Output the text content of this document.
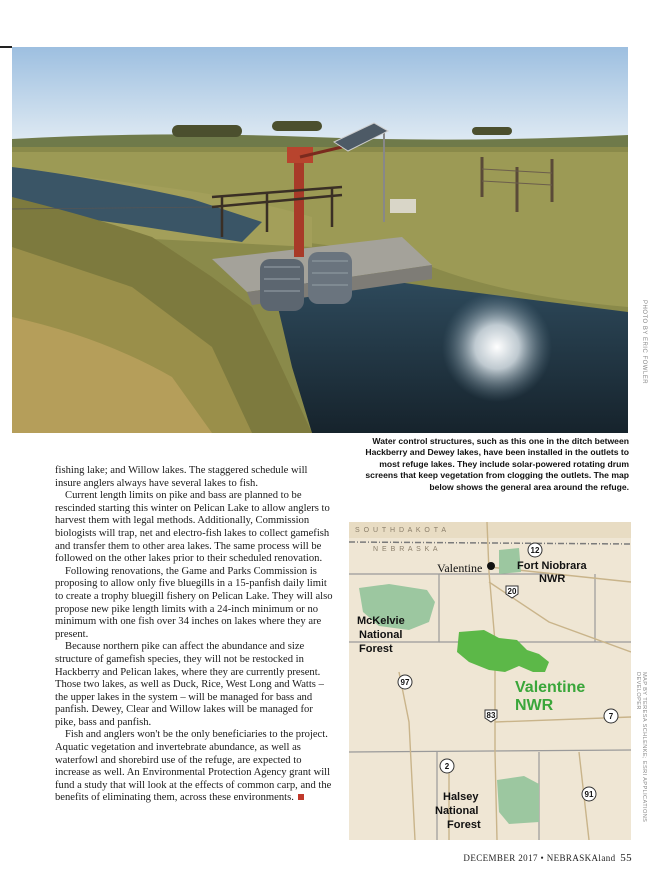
PHOTO BY ERIC FOWLER
Water control structures, such as this one in the ditch between Hackberry and Dewey lakes, have been installed in the outlets to most refuge lakes. They include solar-powered rotating drum screens that keep vegetation from clogging the outlets. The map below shows the general area around the refuge.

fishing lake; and Willow lakes. The staggered schedule will insure anglers always have several lakes to fish.

Current length limits on pike and bass are planned to be rescinded starting this winter on Pelican Lake to allow anglers to harvest them with legal methods. Additionally, Commission biologists will trap, net and electro-fish lakes to collect gamefish and transfer them to other area lakes. The same process will be followed on the other lakes prior to their scheduled renovation.

Following renovations, the Game and Parks Commission is proposing to allow only five bluegills in a 15-panfish daily limit to create a trophy bluegill fishery on Pelican Lake. They will also propose new pike length limits with a 24-inch minimum or no minimum with one fish over 34 inches on lakes where they are present.

Because northern pike can affect the abundance and size structure of gamefish species, they will not be restocked in Hackberry and Pelican lakes, where they are currently present. Those two lakes, as well as Duck, Rice, West Long and Watts – the upper lakes in the system – will be managed for bass and panfish. Dewey, Clear and Willow lakes will be managed for pike, bass and panfish.

Fish and anglers won't be the only beneficiaries to the project. Aquatic vegetation and invertebrate abundance, as well as waterfowl and shorebird use of the refuge, are expected to increase as well. An Environmental Protection Agency grant will fund a study that will look at the effects of common carp, and the benefits of eliminating them, across these environments.

S O U T H D A K O T A
N E B R A S K A
Valentine	Fort Niobrara
NWR
McKelvie
National
Forest
Valentine
NWR
Halsey
National
Forest
12
20
97
83	7
2
91	MAP BY TERESA SCHLENKE; ESRI APPLICATIONS DEVELOPER
DECEMBER 2017 • NEBRASKAland 55
